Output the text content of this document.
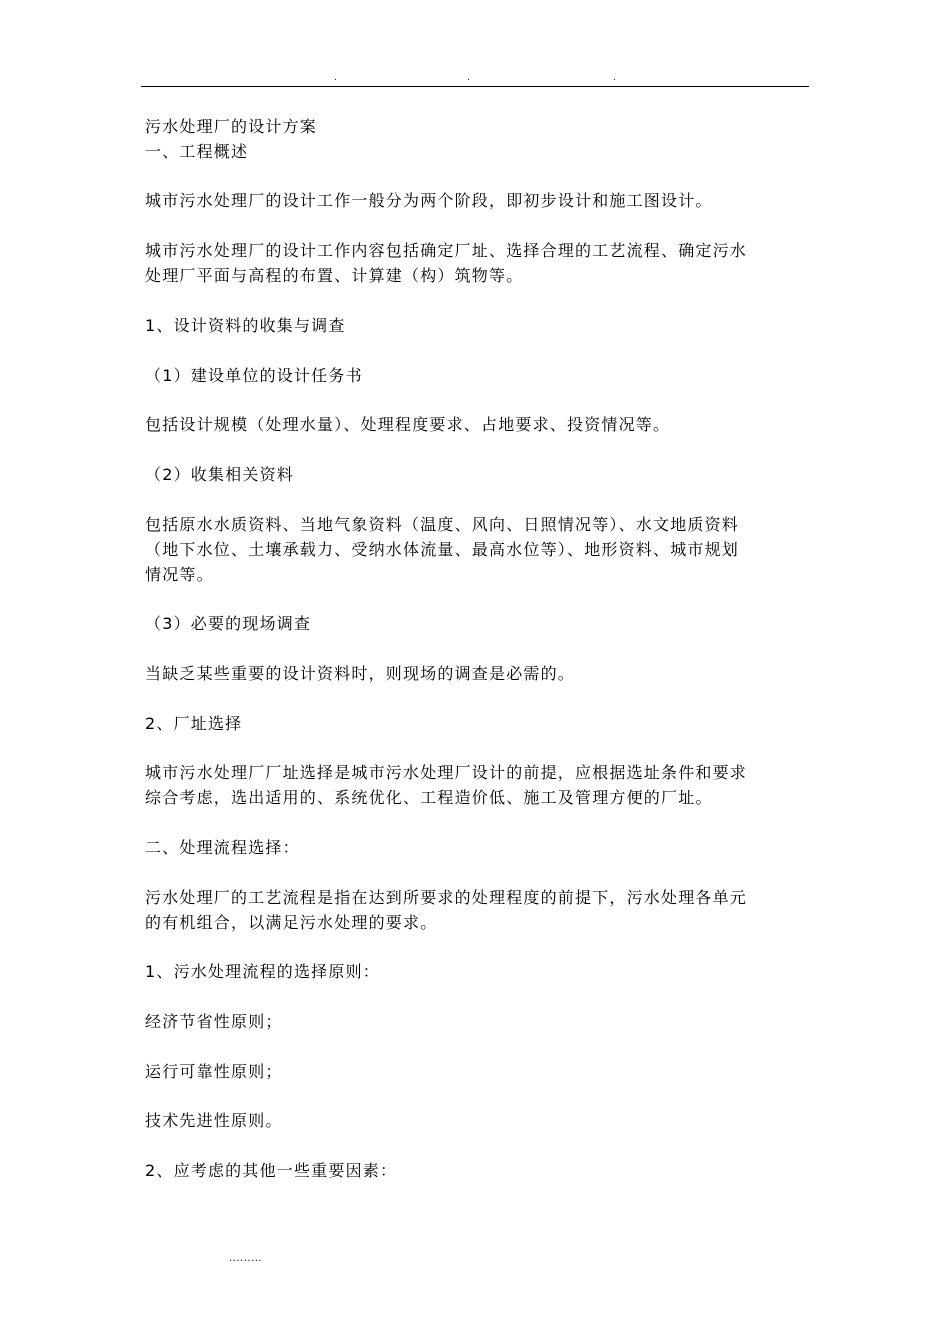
.	.	.
污水处理厂的设计方案
一、工程概述
城市污水处理厂的设计工作一般分为两个阶段，即初步设计和施工图设计。
城市污水处理厂的设计工作内容包括确定厂址、选择合理的工艺流程、确定污水
处理厂平面与高程的布置、计算建（构）筑物等。
1、设计资料的收集与调查
（1）建设单位的设计任务书
包括设计规模（处理水量）、处理程度要求、占地要求、投资情况等。
（2）收集相关资料
包括原水水质资料、当地气象资料（温度、风向、日照情况等）、水文地质资料
（地下水位、土壤承载力、受纳水体流量、最高水位等）、地形资料、城市规划
情况等。
（3）必要的现场调查
当缺乏某些重要的设计资料时，则现场的调查是必需的。
2、厂址选择
城市污水处理厂厂址选择是城市污水处理厂设计的前提，应根据选址条件和要求
综合考虑，选出适用的、系统优化、工程造价低、施工及管理方便的厂址。
二、处理流程选择：
污水处理厂的工艺流程是指在达到所要求的处理程度的前提下，污水处理各单元
的有机组合，以满足污水处理的要求。
1、污水处理流程的选择原则：
经济节省性原则；
运行可靠性原则；
技术先进性原则。
2、应考虑的其他一些重要因素：
.........
